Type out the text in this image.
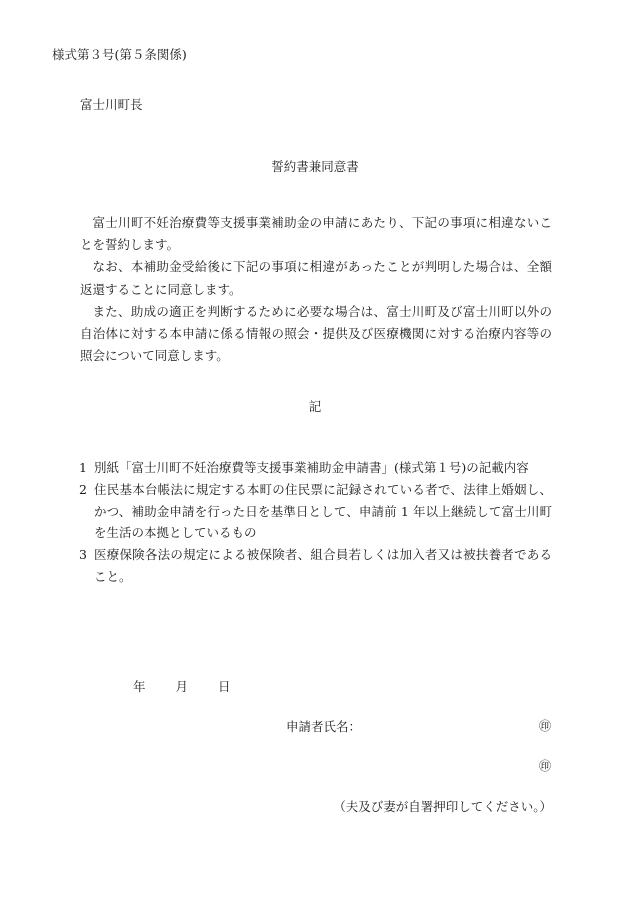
様式第３号(第５条関係)
富士川町長
誓約書兼同意書

富士川町不妊治療費等支援事業補助金の申請にあたり、下記の事項に相違ないことを誓約します。

なお、本補助金受給後に下記の事項に相違があったことが判明した場合は、全額返還することに同意します。

また、助成の適正を判断するために必要な場合は、富士川町及び富士川町以外の自治体に対する本申請に係る情報の照会・提供及び医療機関に対する治療内容等の照会について同意します。

記
1 別紙「富士川町不妊治療費等支援事業補助金申請書」(様式第１号)の記載内容
2 住民基本台帳法に規定する本町の住民票に記録されている者で、法律上婚姻し、かつ、補助金申請を行った日を基準日として、申請前 1 年以上継続して富士川町を生活の本拠としているもの
3 医療保険各法の規定による被保険者、組合員若しくは加入者又は被扶養者であること。
年 月 日
申請者氏名：	㊞
㊞
（夫及び妻が自署押印してください。）
